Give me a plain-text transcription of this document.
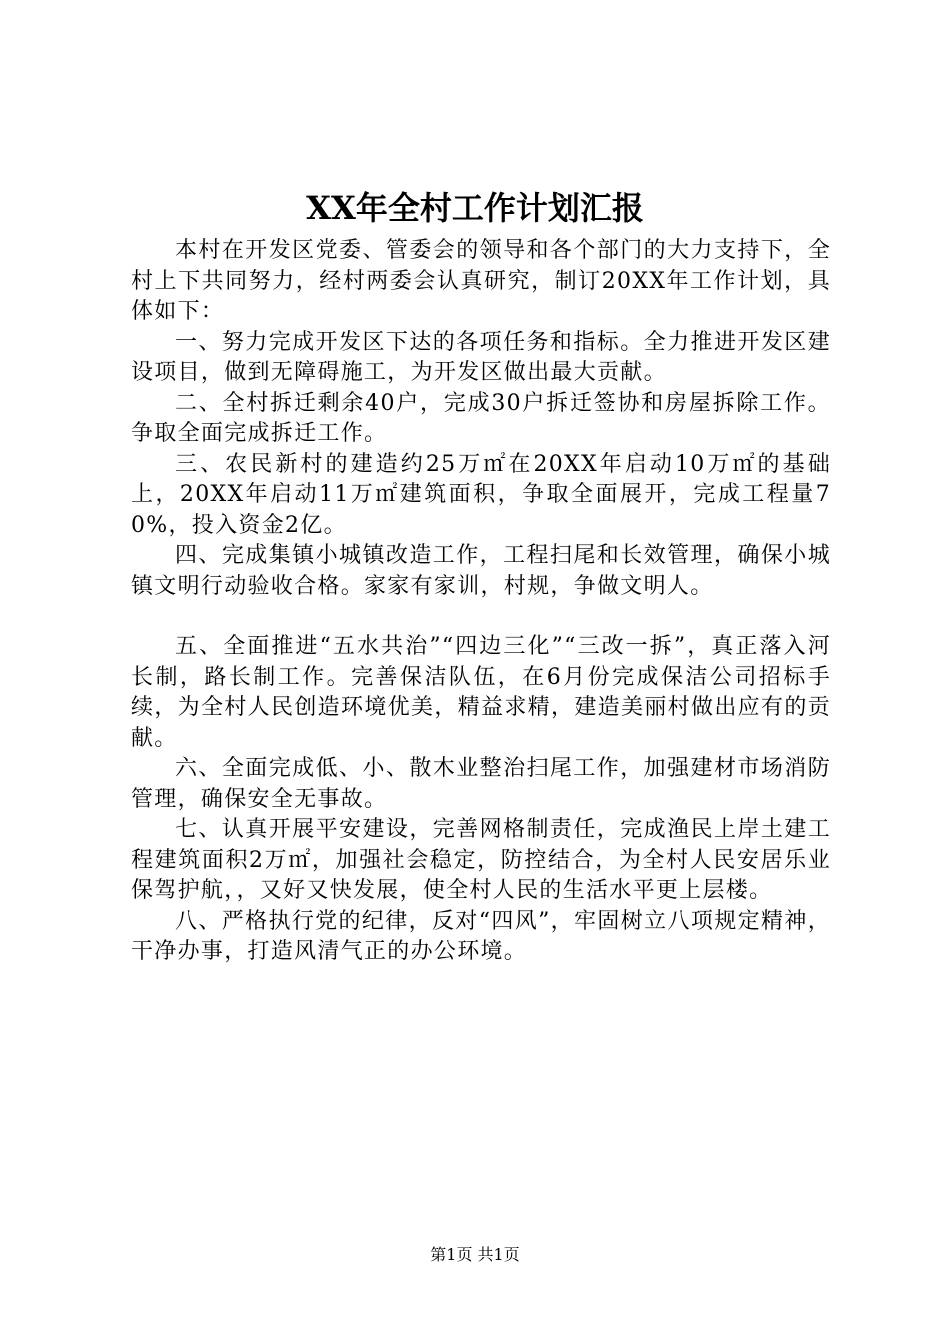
XX年全村工作计划汇报

本村在开发区党委、管委会的领导和各个部门的大力支持下，全村上下共同努力，经村两委会认真研究，制订20XX年工作计划，具体如下：

一、努力完成开发区下达的各项任务和指标。全力推进开发区建设项目，做到无障碍施工，为开发区做出最大贡献。

二、全村拆迁剩余40户，完成30户拆迁签协和房屋拆除工作。争取全面完成拆迁工作。

三、农民新村的建造约25万㎡在20XX年启动10万㎡的基础上，20XX年启动11万㎡建筑面积，争取全面展开，完成工程量70%，投入资金2亿。

四、完成集镇小城镇改造工作，工程扫尾和长效管理，确保小城镇文明行动验收合格。家家有家训，村规，争做文明人。

五、全面推进“五水共治”“四边三化”“三改一拆”，真正落入河长制，路长制工作。完善保洁队伍，在6月份完成保洁公司招标手续，为全村人民创造环境优美，精益求精，建造美丽村做出应有的贡献。

六、全面完成低、小、散木业整治扫尾工作，加强建材市场消防管理，确保安全无事故。

七、认真开展平安建设，完善网格制责任，完成渔民上岸土建工程建筑面积2万㎡，加强社会稳定，防控结合，为全村人民安居乐业保驾护航，，又好又快发展，使全村人民的生活水平更上层楼。

八、严格执行党的纪律，反对“四风”，牢固树立八项规定精神，干净办事，打造风清气正的办公环境。

第1页 共1页
